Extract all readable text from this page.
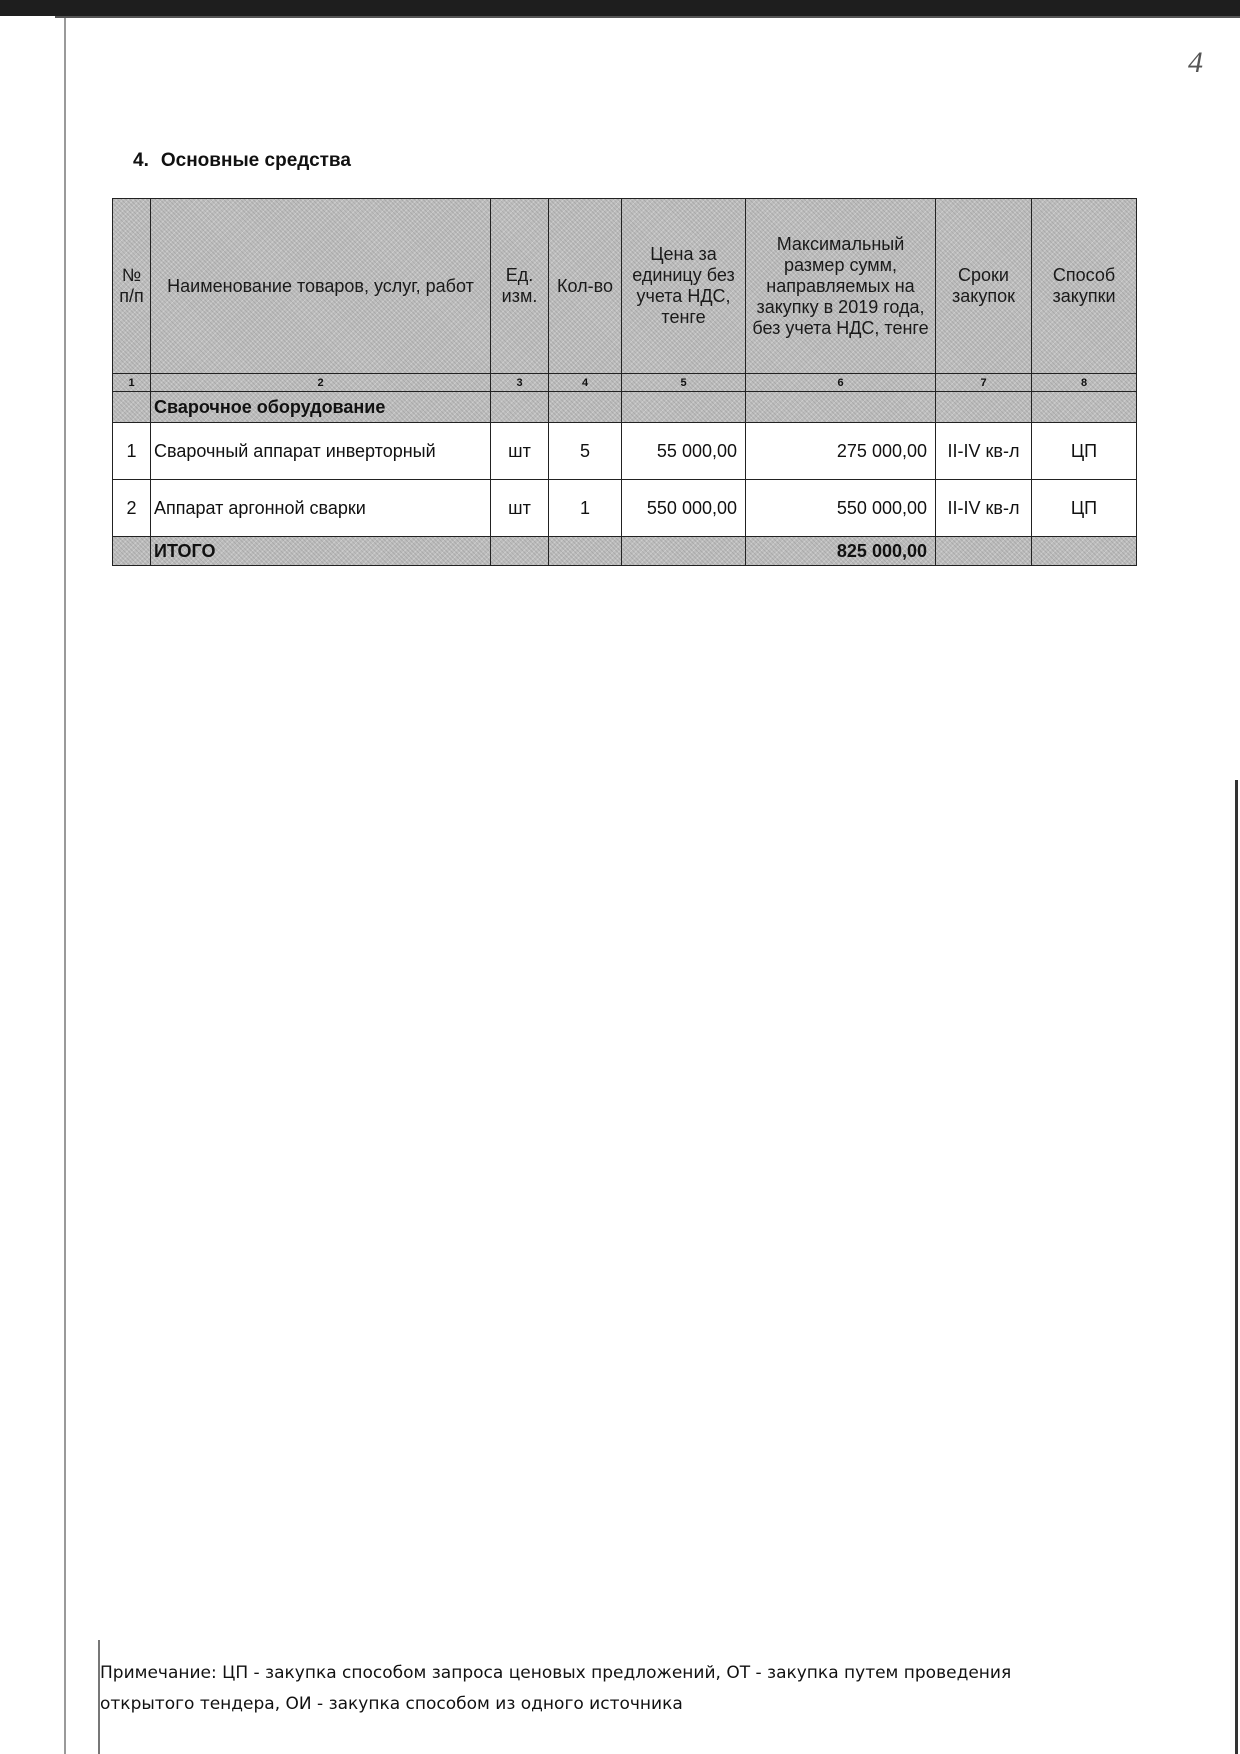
4
4. Основные средства
№ п/п	Наименование товаров, услуг, работ	Ед. изм.	Кол-во	Цена за единицу без учета НДС, тенге	Максимальный размер сумм, направляемых на закупку в 2019 года, без учета НДС, тенге	Сроки закупок	Способ закупки
1	2	3	4	5	6	7	8
	Сварочное оборудование						
1	Сварочный аппарат инверторный	шт	5	55 000,00	275 000,00	II-IV кв-л	ЦП
2	Аппарат аргонной сварки	шт	1	550 000,00	550 000,00	II-IV кв-л	ЦП
	ИТОГО				825 000,00		
Примечание: ЦП - закупка способом запроса ценовых предложений, ОТ - закупка путем проведения
открытого тендера, ОИ - закупка способом из одного источника
